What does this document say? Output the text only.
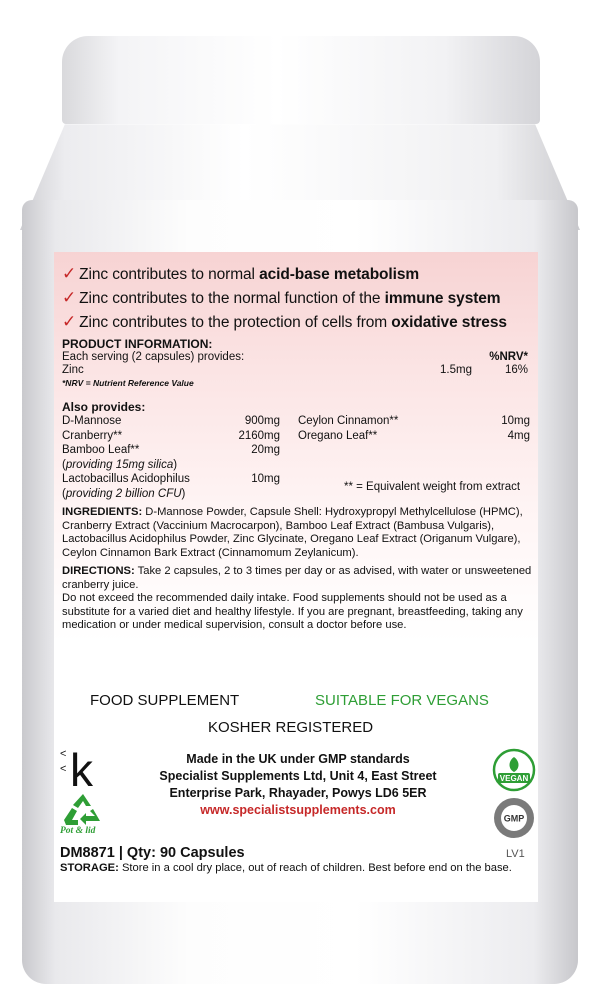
✓ Zinc contributes to normal acid-base metabolism
✓ Zinc contributes to the normal function of the immune system
✓ Zinc contributes to the protection of cells from oxidative stress
PRODUCT INFORMATION:
Each serving (2 capsules) provides:	%NRV*
Zinc	1.5mg	16%
*NRV = Nutrient Reference Value
Also provides:
D-Mannose	900mg
Cranberry**	2160mg
Bamboo Leaf**	20mg
(providing 15mg silica)
Lactobacillus Acidophilus	10mg
(providing 2 billion CFU)
Ceylon Cinnamon**	10mg
Oregano Leaf**	4mg
** = Equivalent weight from extract
INGREDIENTS: D-Mannose Powder, Capsule Shell: Hydroxypropyl Methylcellulose (HPMC), Cranberry Extract (Vaccinium Macrocarpon), Bamboo Leaf Extract (Bambusa Vulgaris), Lactobacillus Acidophilus Powder, Zinc Glycinate, Oregano Leaf Extract (Origanum Vulgare), Ceylon Cinnamon Bark Extract (Cinnamomum Zeylanicum).
DIRECTIONS: Take 2 capsules, 2 to 3 times per day or as advised, with water or unsweetened cranberry juice.
Do not exceed the recommended daily intake. Food supplements should not be used as a substitute for a varied diet and healthy lifestyle. If you are pregnant, breastfeeding, taking any medication or under medical supervision, consult a doctor before use.
FOOD SUPPLEMENT	SUITABLE FOR VEGANS
KOSHER REGISTERED
Made in the UK under GMP standards
Specialist Supplements Ltd, Unit 4, East Street
Enterprise Park, Rhayader, Powys LD6 5ER
www.specialistsupplements.com
<
< k
Pot & lid
VEGAN
GMP
DM8871 | Qty: 90 Capsules	LV1
STORAGE: Store in a cool dry place, out of reach of children. Best before end on the base.
